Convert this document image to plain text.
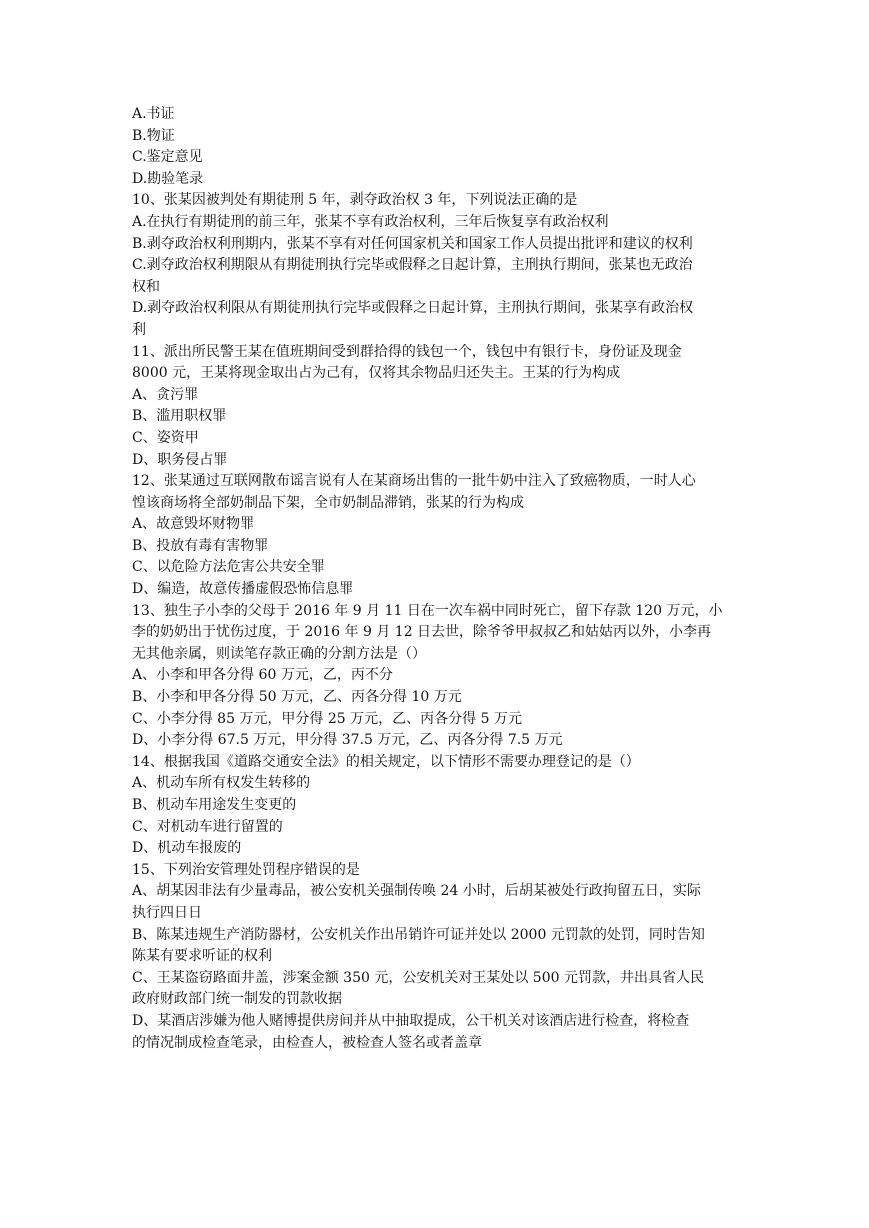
A.书证
B.物证
C.鉴定意见
D.勘验笔录
10、张某因被判处有期徒刑 5 年，剥夺政治权 3 年，下列说法正确的是
A.在执行有期徒刑的前三年，张某不享有政治权利，三年后恢复享有政治权利
B.剥夺政治权利刑期内，张某不享有对任何国家机关和国家工作人员提出批评和建议的权利
C.剥夺政治权利期限从有期徒刑执行完毕或假释之日起计算，主刑执行期间，张某也无政治
权和
D.剥夺政治权利限从有期徒刑执行完毕或假释之日起计算，主刑执行期间，张某享有政治权
利
11、派出所民警王某在值班期间受到群拾得的钱包一个，钱包中有银行卡，身份证及现金
8000 元，王某将现金取出占为己有，仅将其余物品归还失主。王某的行为构成
A、贪污罪
B、滥用职权罪
C、姿资甲
D、职务侵占罪
12、张某通过互联网散布谣言说有人在某商场出售的一批牛奶中注入了致癌物质，一时人心
惶该商场将全部奶制品下架，全市奶制品滞销，张某的行为构成
A、故意毁坏财物罪
B、投放有毒有害物罪
C、以危险方法危害公共安全罪
D、编造，故意传播虚假恐怖信息罪
13、独生子小李的父母于 2016 年 9 月 11 日在一次车祸中同时死亡，留下存款 120 万元，小
李的奶奶出于忧伤过度，于 2016 年 9 月 12 日去世，除爷爷甲叔叔乙和姑姑丙以外，小李再
无其他亲属，则读笔存款正确的分割方法是（）
A、小李和甲各分得 60 万元，乙，丙不分
B、小李和甲各分得 50 万元，乙、丙各分得 10 万元
C、小李分得 85 万元，甲分得 25 万元，乙、丙各分得 5 万元
D、小李分得 67.5 万元，甲分得 37.5 万元，乙、丙各分得 7.5 万元
14、根据我国《道路交通安全法》的相关规定，以下情形不需要办理登记的是（）
A、机动车所有权发生转移的
B、机动车用途发生变更的
C、对机动车进行留置的
D、机动车报废的
15、下列治安管理处罚程序错误的是
A、胡某因非法有少量毒品，被公安机关强制传唤 24 小时，后胡某被处行政拘留五日，实际
执行四日日
B、陈某违规生产消防器材，公安机关作出吊销许可证并处以 2000 元罚款的处罚，同时告知
陈某有要求听证的权利
C、王某盗窃路面井盖，涉案金额 350 元，公安机关对王某处以 500 元罚款，井出具省人民
政府财政部门统一制发的罚款收据
D、某酒店涉嫌为他人赌博提供房间并从中抽取提成，公干机关对该酒店进行检查，将检查
的情况制成检查笔录，由检查人，被检查人签名或者盖章
